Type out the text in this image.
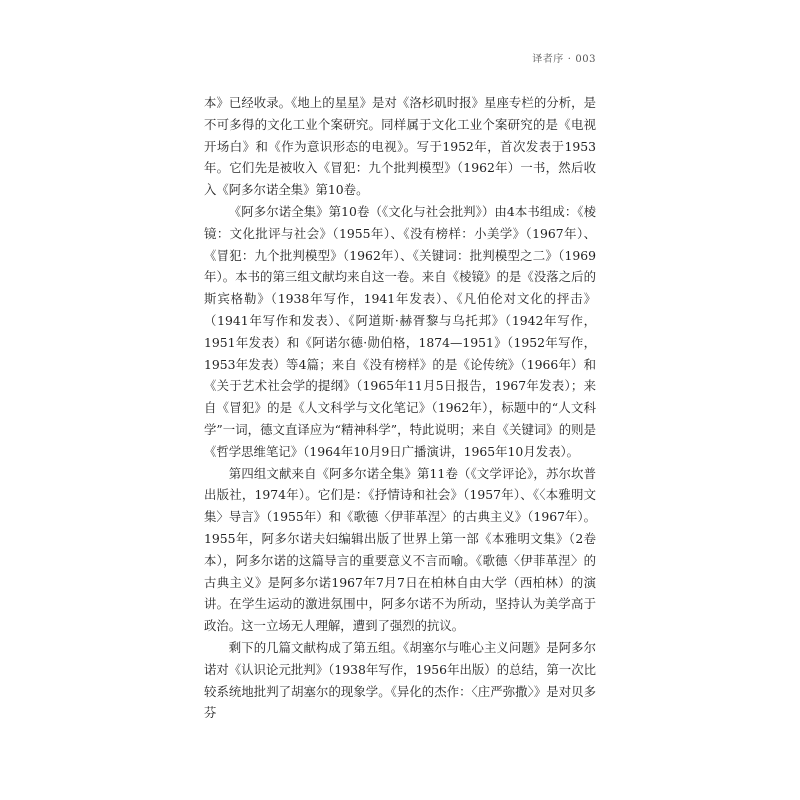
译者序 · 003

本》已经收录。《地上的星星》是对《洛杉矶时报》星座专栏的分析，是不可多得的文化工业个案研究。同样属于文化工业个案研究的是《电视开场白》和《作为意识形态的电视》。写于1952年，首次发表于1953年。它们先是被收入《冒犯：九个批判模型》（1962年）一书，然后收入《阿多尔诺全集》第10卷。

《阿多尔诺全集》第10卷（《文化与社会批判》）由4本书组成：《棱镜：文化批评与社会》（1955年）、《没有榜样：小美学》（1967年）、《冒犯：九个批判模型》（1962年）、《关键词：批判模型之二》（1969年）。本书的第三组文献均来自这一卷。来自《棱镜》的是《没落之后的斯宾格勒》（1938年写作，1941年发表）、《凡伯伦对文化的抨击》（1941年写作和发表）、《阿道斯·赫胥黎与乌托邦》（1942年写作，1951年发表）和《阿诺尔德·勋伯格，1874—1951》（1952年写作，1953年发表）等4篇；来自《没有榜样》的是《论传统》（1966年）和《关于艺术社会学的提纲》（1965年11月5日报告，1967年发表）；来自《冒犯》的是《人文科学与文化笔记》（1962年），标题中的“人文科学”一词，德文直译应为“精神科学”，特此说明；来自《关键词》的则是《哲学思维笔记》（1964年10月9日广播演讲，1965年10月发表）。

第四组文献来自《阿多尔诺全集》第11卷（《文学评论》，苏尔坎普出版社，1974年）。它们是：《抒情诗和社会》（1957年）、《〈本雅明文集〉导言》（1955年）和《歌德〈伊菲革涅〉的古典主义》（1967年）。1955年，阿多尔诺夫妇编辑出版了世界上第一部《本雅明文集》（2卷本），阿多尔诺的这篇导言的重要意义不言而喻。《歌德〈伊菲革涅〉的古典主义》是阿多尔诺1967年7月7日在柏林自由大学（西柏林）的演讲。在学生运动的激进氛围中，阿多尔诺不为所动，坚持认为美学高于政治。这一立场无人理解，遭到了强烈的抗议。

剩下的几篇文献构成了第五组。《胡塞尔与唯心主义问题》是阿多尔诺对《认识论元批判》（1938年写作，1956年出版）的总结，第一次比较系统地批判了胡塞尔的现象学。《异化的杰作：〈庄严弥撒〉》是对贝多芬
